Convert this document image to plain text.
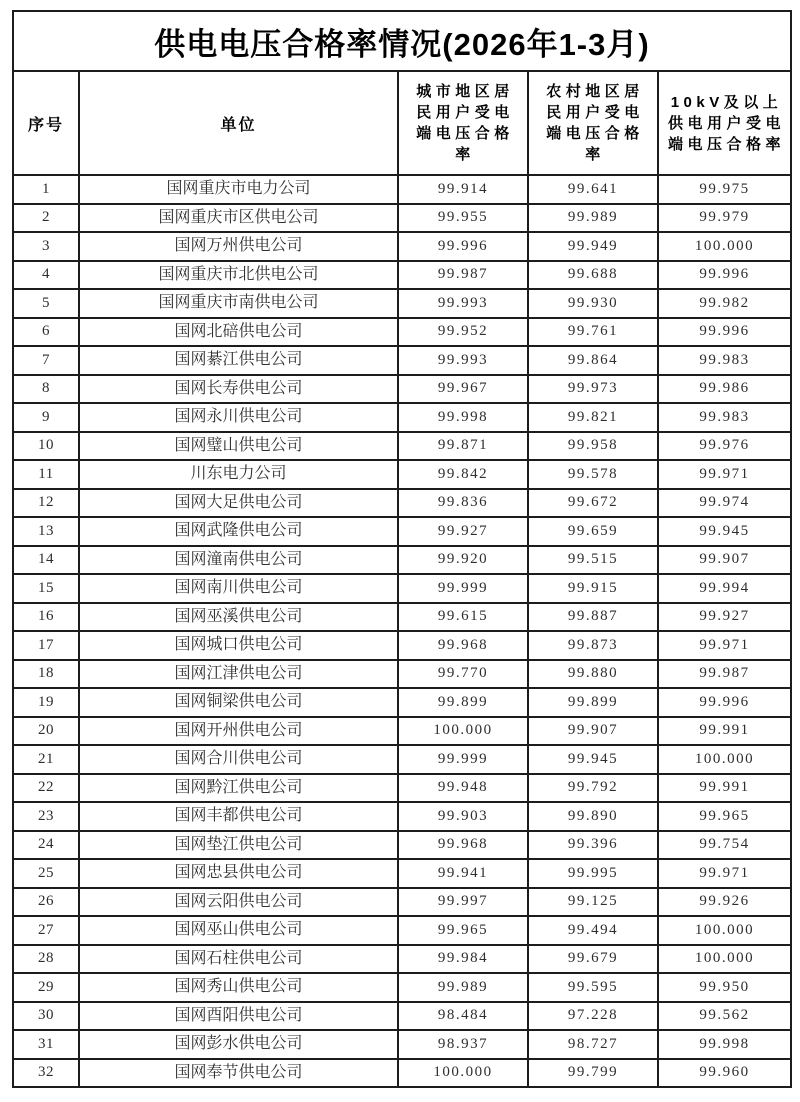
供电电压合格率情况(2026年1-3月)				
序号	单位	城市地区居民用户受电端电压合格率	农村地区居民用户受电端电压合格率	10kV及以上供电用户受电端电压合格率
1	国网重庆市电力公司	99.914	99.641	99.975
2	国网重庆市区供电公司	99.955	99.989	99.979
3	国网万州供电公司	99.996	99.949	100.000
4	国网重庆市北供电公司	99.987	99.688	99.996
5	国网重庆市南供电公司	99.993	99.930	99.982
6	国网北碚供电公司	99.952	99.761	99.996
7	国网綦江供电公司	99.993	99.864	99.983
8	国网长寿供电公司	99.967	99.973	99.986
9	国网永川供电公司	99.998	99.821	99.983
10	国网璧山供电公司	99.871	99.958	99.976
11	川东电力公司	99.842	99.578	99.971
12	国网大足供电公司	99.836	99.672	99.974
13	国网武隆供电公司	99.927	99.659	99.945
14	国网潼南供电公司	99.920	99.515	99.907
15	国网南川供电公司	99.999	99.915	99.994
16	国网巫溪供电公司	99.615	99.887	99.927
17	国网城口供电公司	99.968	99.873	99.971
18	国网江津供电公司	99.770	99.880	99.987
19	国网铜梁供电公司	99.899	99.899	99.996
20	国网开州供电公司	100.000	99.907	99.991
21	国网合川供电公司	99.999	99.945	100.000
22	国网黔江供电公司	99.948	99.792	99.991
23	国网丰都供电公司	99.903	99.890	99.965
24	国网垫江供电公司	99.968	99.396	99.754
25	国网忠县供电公司	99.941	99.995	99.971
26	国网云阳供电公司	99.997	99.125	99.926
27	国网巫山供电公司	99.965	99.494	100.000
28	国网石柱供电公司	99.984	99.679	100.000
29	国网秀山供电公司	99.989	99.595	99.950
30	国网酉阳供电公司	98.484	97.228	99.562
31	国网彭水供电公司	98.937	98.727	99.998
32	国网奉节供电公司	100.000	99.799	99.960
